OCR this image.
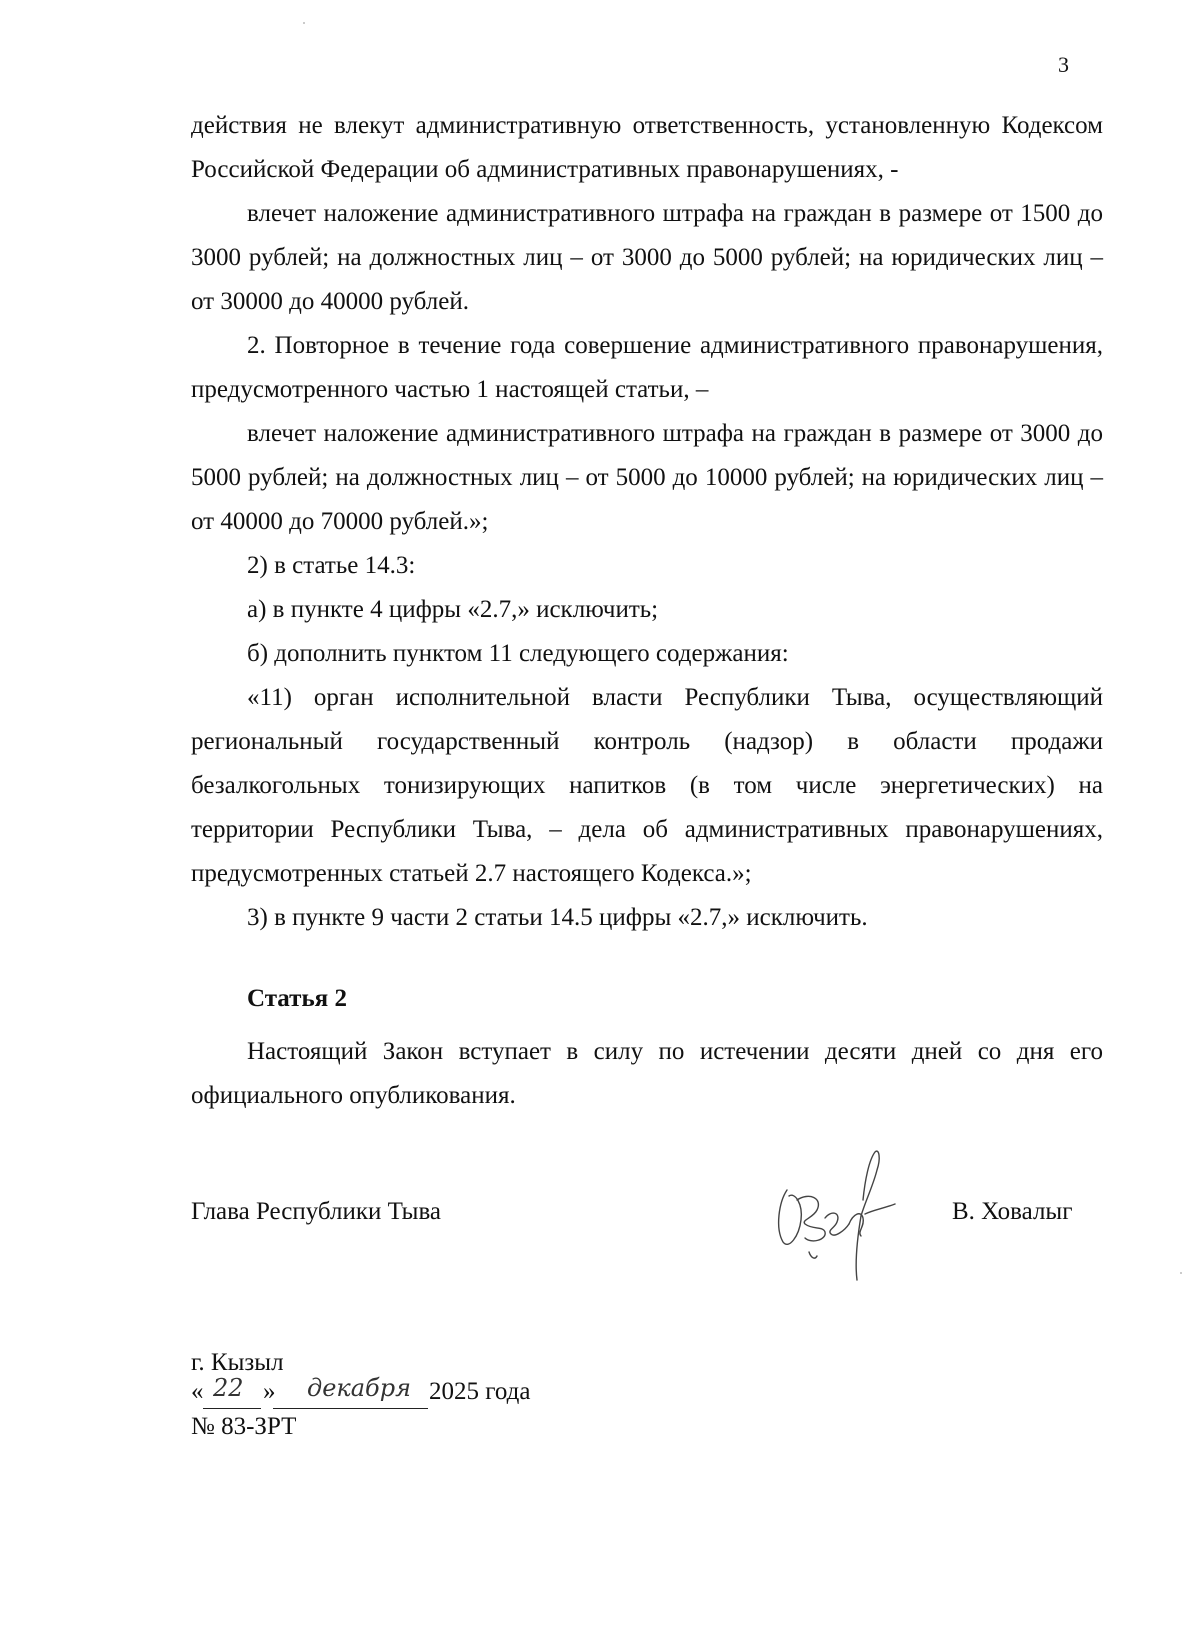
3

действия не влекут административную ответственность, установленную Кодексом Российской Федерации об административных правонарушениях, -

влечет наложение административного штрафа на граждан в размере от 1500 до 3000 рублей; на должностных лиц – от 3000 до 5000 рублей; на юридических лиц – от 30000 до 40000 рублей.

2. Повторное в течение года совершение административного правонарушения, предусмотренного частью 1 настоящей статьи, –

влечет наложение административного штрафа на граждан в размере от 3000 до 5000 рублей; на должностных лиц – от 5000 до 10000 рублей; на юридических лиц – от 40000 до 70000 рублей.»;

2) в статье 14.3:

а) в пункте 4 цифры «2.7,» исключить;

б) дополнить пунктом 11 следующего содержания:

«11) орган исполнительной власти Республики Тыва, осуществляющий региональный государственный контроль (надзор) в области продажи безалкогольных тонизирующих напитков (в том числе энергетических) на территории Республики Тыва, – дела об административных правонарушениях, предусмотренных статьей 2.7 настоящего Кодекса.»;

3) в пункте 9 части 2 статьи 14.5 цифры «2.7,» исключить.

Статья 2

Настоящий Закон вступает в силу по истечении десяти дней со дня его официального опубликования.

Глава Республики Тыва	В. Ховалыг
г. Кызыл
« 22 » декабря 2025 года
№ 83-ЗРТ
